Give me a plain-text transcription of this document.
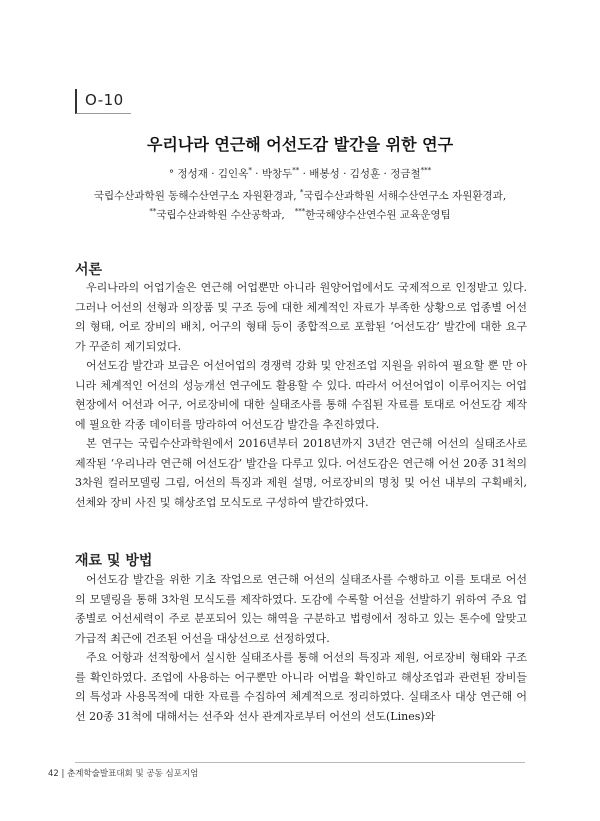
O-10
우리나라 연근해 어선도감 발간을 위한 연구
° 정성재 · 김인옥* · 박창두** · 배봉성 · 김성훈 · 정금철***
국립수산과학원 동해수산연구소 자원환경과, *국립수산과학원 서해수산연구소 자원환경과,
**국립수산과학원 수산공학과,   ***한국해양수산연수원 교육운영팀
서론
우리나라의 어업기술은 연근해 어업뿐만 아니라 원양어업에서도 국제적으로 인정받고 있다. 그러나 어선의 선형과 의장품 및 구조 등에 대한 체계적인 자료가 부족한 상황으로 업종별 어선의 형태, 어로 장비의 배치, 어구의 형태 등이 종합적으로 포함된 ‘어선도감’ 발간에 대한 요구가 꾸준히 제기되었다.
어선도감 발간과 보급은 어선어업의 경쟁력 강화 및 안전조업 지원을 위하여 필요할 뿐 만 아니라 체계적인 어선의 성능개선 연구에도 활용할 수 있다. 따라서 어선어업이 이루어지는 어업현장에서 어선과 어구, 어로장비에 대한 실태조사를 통해 수집된 자료를 토대로 어선도감 제작에 필요한 각종 데이터를 망라하여 어선도감 발간을 추진하였다.
본 연구는 국립수산과학원에서 2016년부터 2018년까지 3년간 연근해 어선의 실태조사로 제작된 ‘우리나라 연근해 어선도감’ 발간을 다루고 있다. 어선도감은 연근해 어선 20종 31척의 3차원 컬러모델링 그림, 어선의 특징과 제원 설명, 어로장비의 명칭 및 어선 내부의 구획배치, 선체와 장비 사진 및 해상조업 모식도로 구성하여 발간하였다.
재료 및 방법
어선도감 발간을 위한 기초 작업으로 연근해 어선의 실태조사를 수행하고 이를 토대로 어선의 모델링을 통해 3차원 모식도를 제작하였다. 도감에 수록할 어선을 선발하기 위하여 주요 업종별로 어선세력이 주로 분포되어 있는 해역을 구분하고 법령에서 정하고 있는 톤수에 알맞고 가급적 최근에 건조된 어선을 대상선으로 선정하였다.
주요 어항과 선적항에서 실시한 실태조사를 통해 어선의 특징과 제원, 어로장비 형태와 구조를 확인하였다. 조업에 사용하는 어구뿐만 아니라 어법을 확인하고 해상조업과 관련된 장비들의 특성과 사용목적에 대한 자료를 수집하여 체계적으로 정리하였다. 실태조사 대상 연근해 어선 20종 31척에 대해서는 선주와 선사 관계자로부터 어선의 선도(Lines)와
42 | 춘계학술발표대회 및 공동 심포지엄
